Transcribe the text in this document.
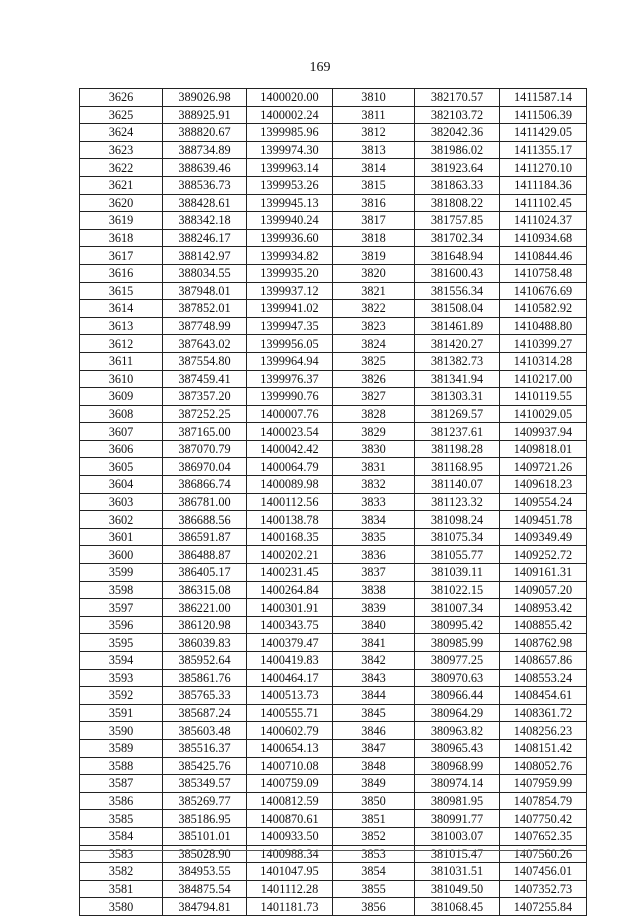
169
3626	389026.98	1400020.00	3810	382170.57	1411587.14
3625	388925.91	1400002.24	3811	382103.72	1411506.39
3624	388820.67	1399985.96	3812	382042.36	1411429.05
3623	388734.89	1399974.30	3813	381986.02	1411355.17
3622	388639.46	1399963.14	3814	381923.64	1411270.10
3621	388536.73	1399953.26	3815	381863.33	1411184.36
3620	388428.61	1399945.13	3816	381808.22	1411102.45
3619	388342.18	1399940.24	3817	381757.85	1411024.37
3618	388246.17	1399936.60	3818	381702.34	1410934.68
3617	388142.97	1399934.82	3819	381648.94	1410844.46
3616	388034.55	1399935.20	3820	381600.43	1410758.48
3615	387948.01	1399937.12	3821	381556.34	1410676.69
3614	387852.01	1399941.02	3822	381508.04	1410582.92
3613	387748.99	1399947.35	3823	381461.89	1410488.80
3612	387643.02	1399956.05	3824	381420.27	1410399.27
3611	387554.80	1399964.94	3825	381382.73	1410314.28
3610	387459.41	1399976.37	3826	381341.94	1410217.00
3609	387357.20	1399990.76	3827	381303.31	1410119.55
3608	387252.25	1400007.76	3828	381269.57	1410029.05
3607	387165.00	1400023.54	3829	381237.61	1409937.94
3606	387070.79	1400042.42	3830	381198.28	1409818.01
3605	386970.04	1400064.79	3831	381168.95	1409721.26
3604	386866.74	1400089.98	3832	381140.07	1409618.23
3603	386781.00	1400112.56	3833	381123.32	1409554.24
3602	386688.56	1400138.78	3834	381098.24	1409451.78
3601	386591.87	1400168.35	3835	381075.34	1409349.49
3600	386488.87	1400202.21	3836	381055.77	1409252.72
3599	386405.17	1400231.45	3837	381039.11	1409161.31
3598	386315.08	1400264.84	3838	381022.15	1409057.20
3597	386221.00	1400301.91	3839	381007.34	1408953.42
3596	386120.98	1400343.75	3840	380995.42	1408855.42
3595	386039.83	1400379.47	3841	380985.99	1408762.98
3594	385952.64	1400419.83	3842	380977.25	1408657.86
3593	385861.76	1400464.17	3843	380970.63	1408553.24
3592	385765.33	1400513.73	3844	380966.44	1408454.61
3591	385687.24	1400555.71	3845	380964.29	1408361.72
3590	385603.48	1400602.79	3846	380963.82	1408256.23
3589	385516.37	1400654.13	3847	380965.43	1408151.42
3588	385425.76	1400710.08	3848	380968.99	1408052.76
3587	385349.57	1400759.09	3849	380974.14	1407959.99
3586	385269.77	1400812.59	3850	380981.95	1407854.79
3585	385186.95	1400870.61	3851	380991.77	1407750.42
3584	385101.01	1400933.50	3852	381003.07	1407652.35
3583	385028.90	1400988.34	3853	381015.47	1407560.26
3582	384953.55	1401047.95	3854	381031.51	1407456.01
3581	384875.54	1401112.28	3855	381049.50	1407352.73
3580	384794.81	1401181.73	3856	381068.45	1407255.84
